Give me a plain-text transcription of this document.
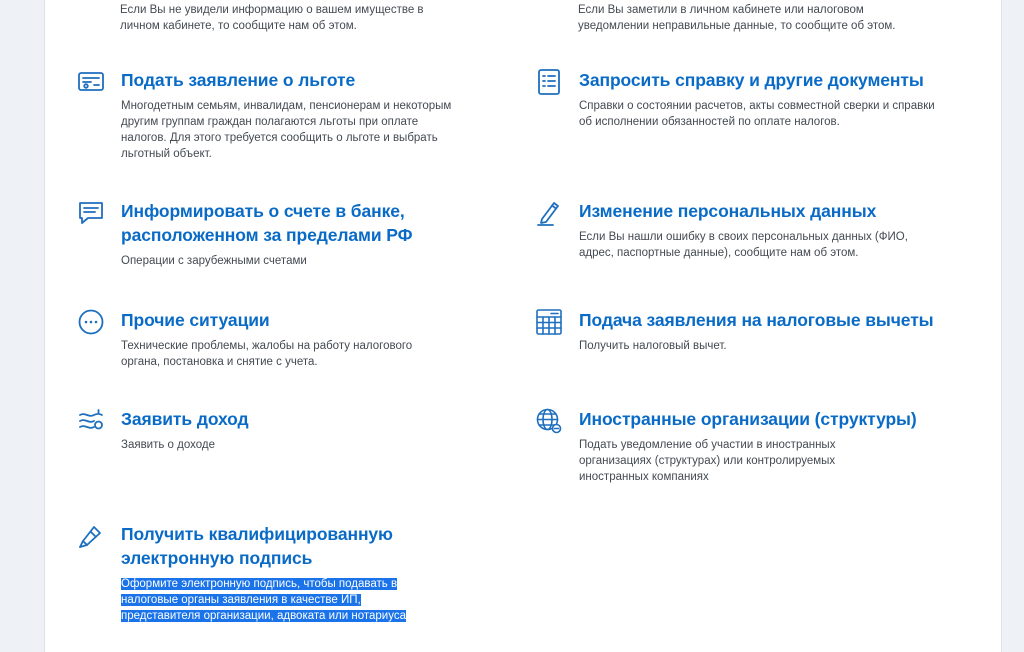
Если Вы не увидели информацию о вашем имуществе в личном кабинете, то сообщите нам об этом.
Если Вы заметили в личном кабинете или налоговом уведомлении неправильные данные, то сообщите об этом.
Подать заявление о льготе
Многодетным семьям, инвалидам, пенсионерам и некоторым другим группам граждан полагаются льготы при оплате налогов. Для этого требуется сообщить о льготе и выбрать льготный объект.
Запросить справку и другие документы
Справки о состоянии расчетов, акты совместной сверки и справки об исполнении обязанностей по оплате налогов.
Информировать о счете в банке, расположенном за пределами РФ
Операции с зарубежными счетами
Изменение персональных данных
Если Вы нашли ошибку в своих персональных данных (ФИО, адрес, паспортные данные), сообщите нам об этом.
Прочие ситуации
Технические проблемы, жалобы на работу налогового органа, постановка и снятие с учета.
Подача заявления на налоговые вычеты
Получить налоговый вычет.
Заявить доход
Заявить о доходе
Иностранные организации (структуры)
Подать уведомление об участии в иностранных организациях (структурах) или контролируемых иностранных компаниях
Получить квалифицированную электронную подпись
Оформите электронную подпись, чтобы подавать в налоговые органы заявления в качестве ИП, представителя организации, адвоката или нотариуса
